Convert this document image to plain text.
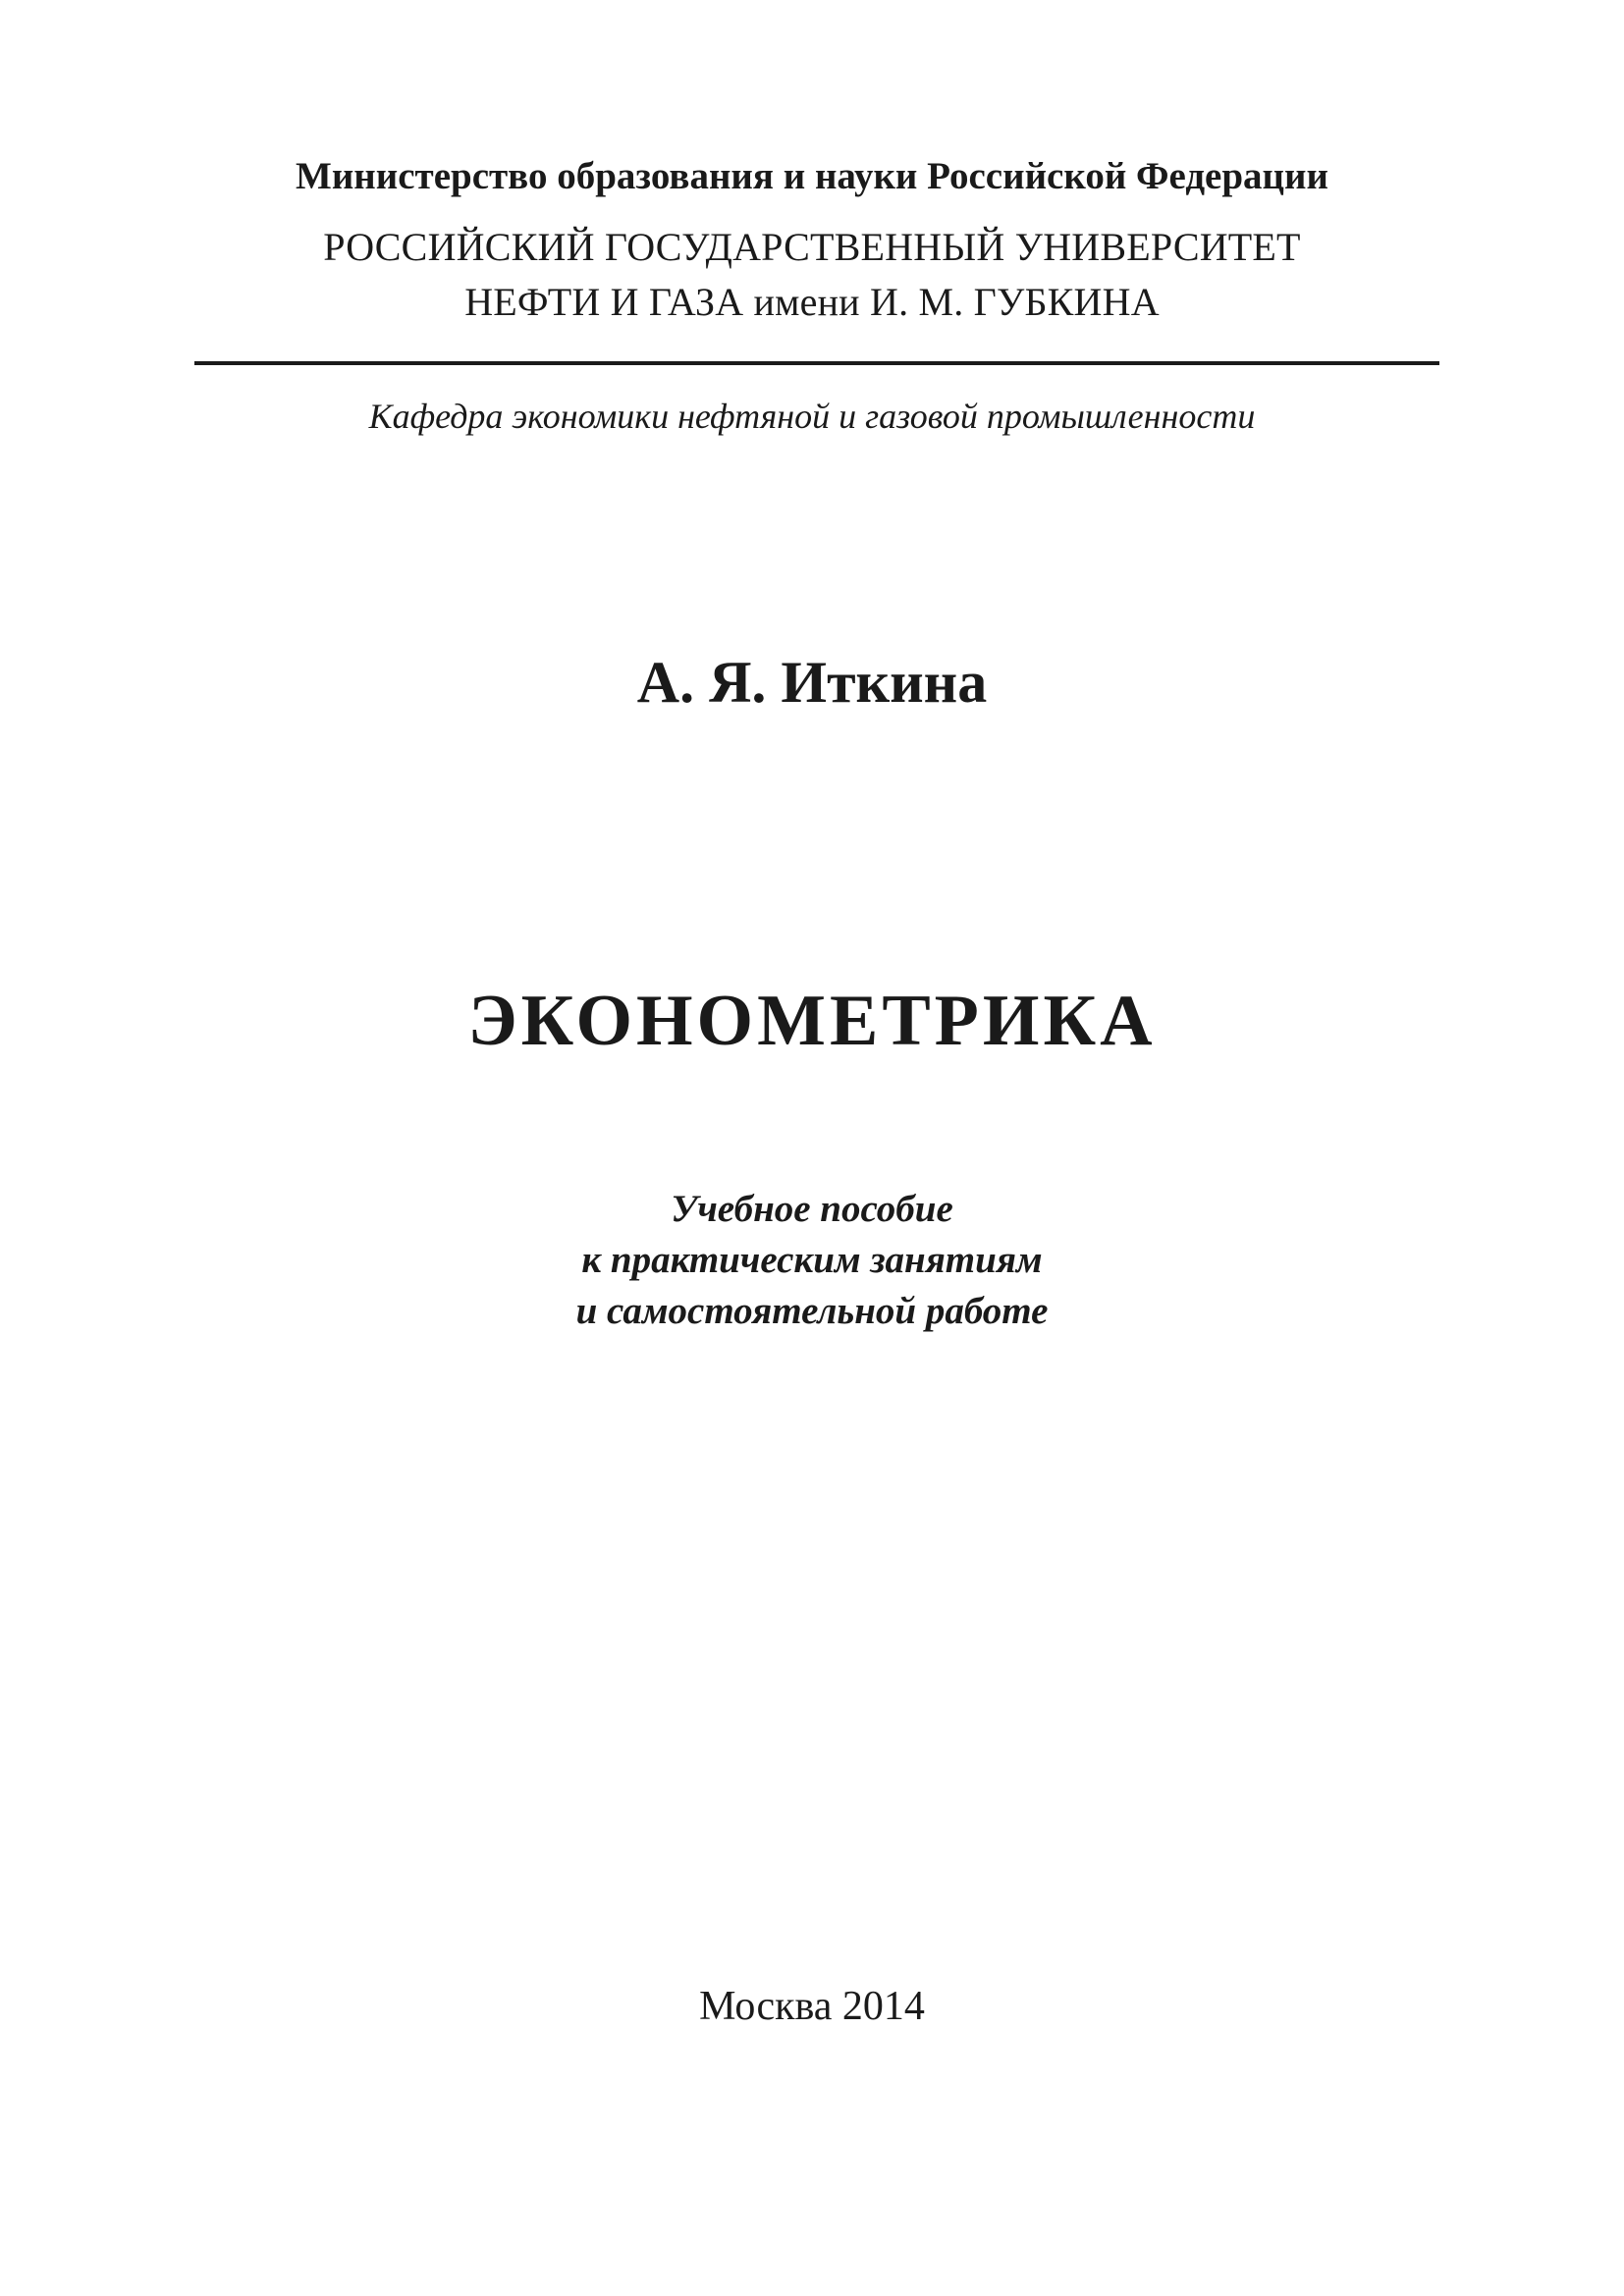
Министерство образования и науки Российской Федерации
РОССИЙСКИЙ ГОСУДАРСТВЕННЫЙ УНИВЕРСИТЕТ
НЕФТИ И ГАЗА имени И. М. ГУБКИНА
Кафедра экономики нефтяной и газовой промышленности
А. Я. Иткина
ЭКОНОМЕТРИКА
Учебное пособие
к практическим занятиям
и самостоятельной работе
Москва 2014
